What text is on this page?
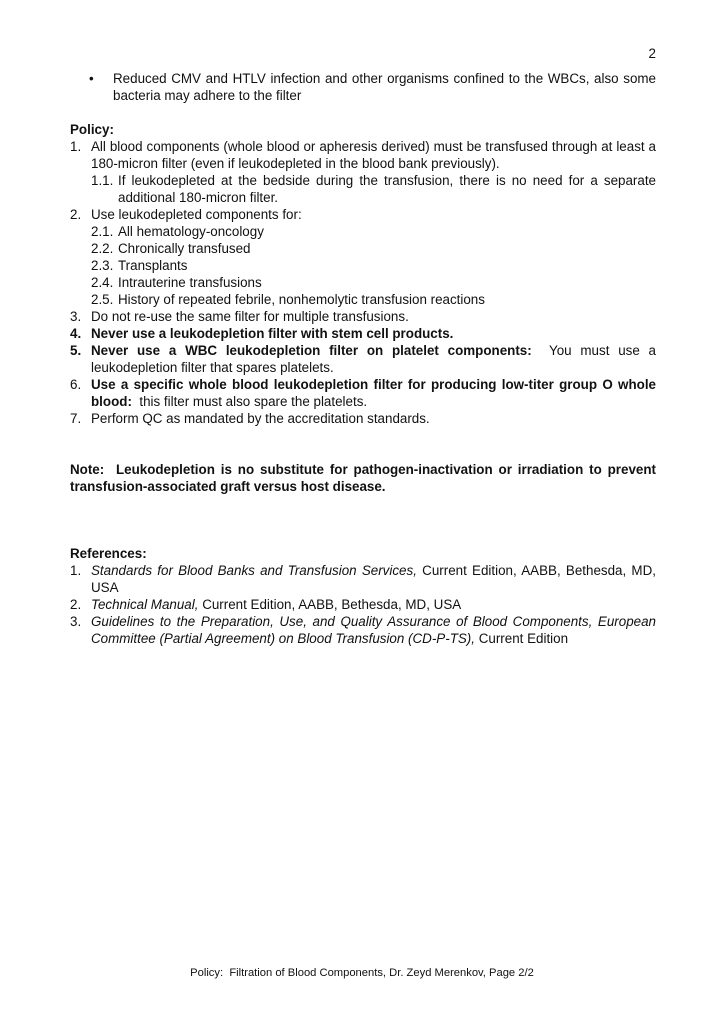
2
• Reduced CMV and HTLV infection and other organisms confined to the WBCs, also some bacteria may adhere to the filter
Policy:
1. All blood components (whole blood or apheresis derived) must be transfused through at least a 180-micron filter (even if leukodepleted in the blood bank previously).
1.1. If leukodepleted at the bedside during the transfusion, there is no need for a separate additional 180-micron filter.
2. Use leukodepleted components for:
2.1. All hematology-oncology
2.2. Chronically transfused
2.3. Transplants
2.4. Intrauterine transfusions
2.5. History of repeated febrile, nonhemolytic transfusion reactions
3. Do not re-use the same filter for multiple transfusions.
4. Never use a leukodepletion filter with stem cell products.
5. Never use a WBC leukodepletion filter on platelet components: You must use a leukodepletion filter that spares platelets.
6. Use a specific whole blood leukodepletion filter for producing low-titer group O whole blood: this filter must also spare the platelets.
7. Perform QC as mandated by the accreditation standards.
Note:  Leukodepletion is no substitute for pathogen-inactivation or irradiation to prevent transfusion-associated graft versus host disease.
References:
1. Standards for Blood Banks and Transfusion Services, Current Edition, AABB, Bethesda, MD, USA
2. Technical Manual, Current Edition, AABB, Bethesda, MD, USA
3. Guidelines to the Preparation, Use, and Quality Assurance of Blood Components, European Committee (Partial Agreement) on Blood Transfusion (CD-P-TS), Current Edition
Policy:  Filtration of Blood Components, Dr. Zeyd Merenkov, Page 2/2
